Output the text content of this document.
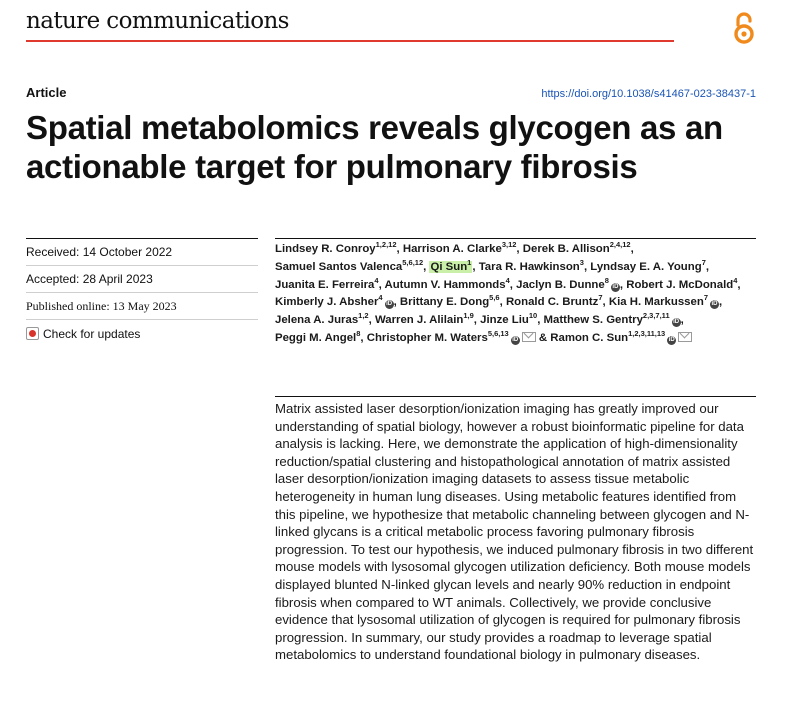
nature communications
Article	https://doi.org/10.1038/s41467-023-38437-1
Spatial metabolomics reveals glycogen as an actionable target for pulmonary fibrosis
Received: 14 October 2022
Accepted: 28 April 2023
Published online: 13 May 2023
Check for updates
Lindsey R. Conroy$^{1,2,12}$, Harrison A. Clarke$^{3,12}$, Derek B. Allison$^{2,4,12}$, Samuel Santos Valenca$^{5,6,12}$, Qi Sun$^1$, Tara R. Hawkinson$^3$, Lyndsay E. A. Young$^7$, Juanita E. Ferreira$^4$, Autumn V. Hammonds$^4$, Jaclyn B. Dunne$^8$iD , Robert J. McDonald$^4$, Kimberly J. Absher$^4$iD , Brittany E. Dong$^{5,6}$, Ronald C. Bruntz$^7$, Kia H. Markussen$^7$iD , Jelena A. Juras$^{1,2}$, Warren J. Alilain$^{1,9}$, Jinze Liu$^{10}$, Matthew S. Gentry$^{2,3,7,11}$iD , Peggi M. Angel$^8$, Christopher M. Waters$^{5,6,13}$iD & Ramon C. Sun$^{1,2,3,11,13}$iD

Matrix assisted laser desorption/ionization imaging has greatly improved our understanding of spatial biology, however a robust bioinformatic pipeline for data analysis is lacking. Here, we demonstrate the application of high-dimensionality reduction/spatial clustering and histopathological annotation of matrix assisted laser desorption/ionization imaging datasets to assess tissue metabolic heterogeneity in human lung diseases. Using metabolic features identified from this pipeline, we hypothesize that metabolic channeling between glycogen and N-linked glycans is a critical metabolic process favoring pulmonary fibrosis progression. To test our hypothesis, we induced pulmonary fibrosis in two different mouse models with lysosomal glycogen utilization deficiency. Both mouse models displayed blunted N-linked glycan levels and nearly 90% reduction in endpoint fibrosis when compared to WT animals. Collectively, we provide conclusive evidence that lysosomal utilization of glycogen is required for pulmonary fibrosis progression. In summary, our study provides a roadmap to leverage spatial metabolomics to understand foundational biology in pulmonary diseases.
